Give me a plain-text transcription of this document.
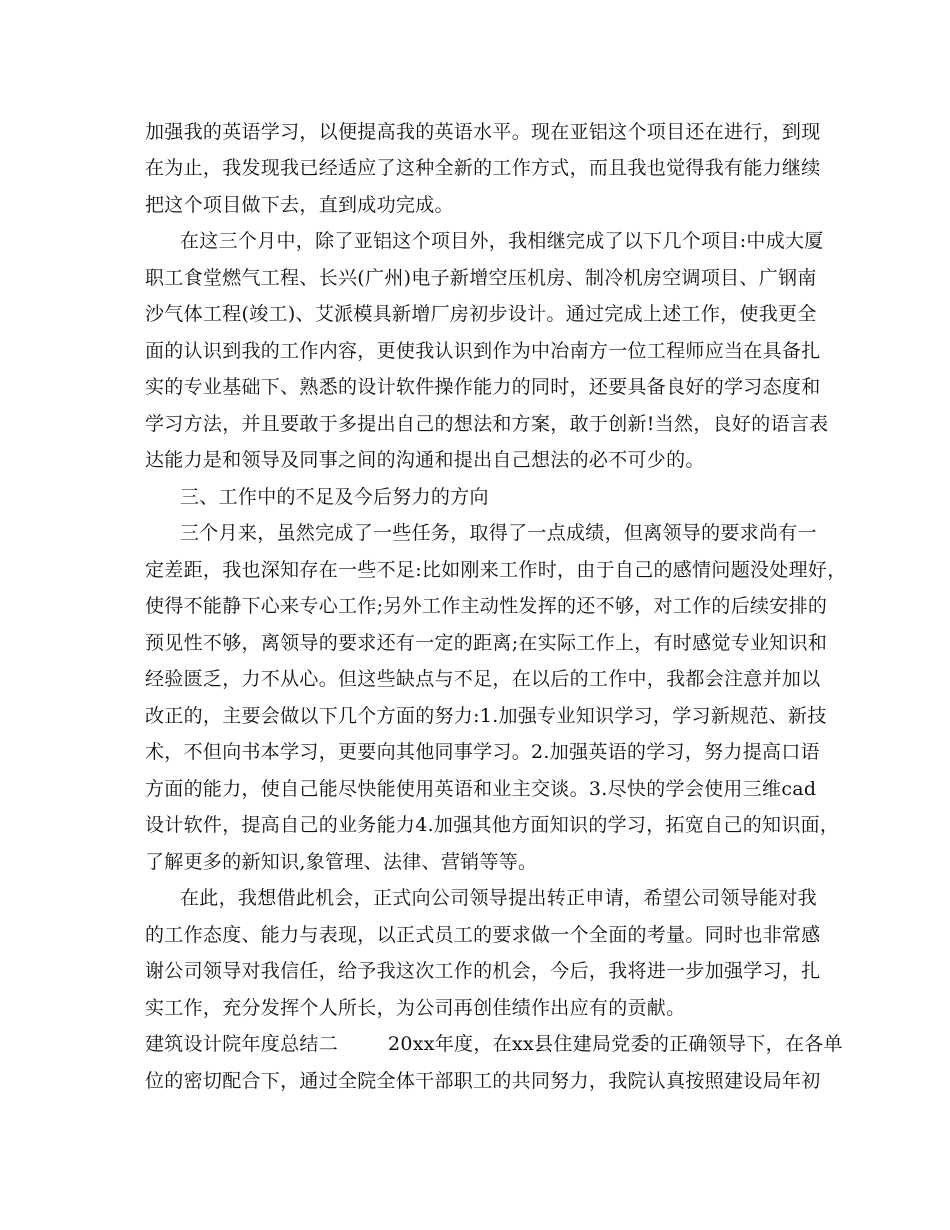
加强我的英语学习，以便提高我的英语水平。现在亚铝这个项目还在进行，到现
在为止，我发现我已经适应了这种全新的工作方式，而且我也觉得我有能力继续
把这个项目做下去，直到成功完成。
在这三个月中，除了亚铝这个项目外，我相继完成了以下几个项目:中成大厦
职工食堂燃气工程、长兴(广州)电子新增空压机房、制冷机房空调项目、广钢南
沙气体工程(竣工)、艾派模具新增厂房初步设计。通过完成上述工作，使我更全
面的认识到我的工作内容，更使我认识到作为中冶南方一位工程师应当在具备扎
实的专业基础下、熟悉的设计软件操作能力的同时，还要具备良好的学习态度和
学习方法，并且要敢于多提出自己的想法和方案，敢于创新!当然，良好的语言表
达能力是和领导及同事之间的沟通和提出自己想法的必不可少的。
三、工作中的不足及今后努力的方向
三个月来，虽然完成了一些任务，取得了一点成绩，但离领导的要求尚有一
定差距，我也深知存在一些不足:比如刚来工作时，由于自己的感情问题没处理好，
使得不能静下心来专心工作;另外工作主动性发挥的还不够，对工作的后续安排的
预见性不够，离领导的要求还有一定的距离;在实际工作上，有时感觉专业知识和
经验匮乏，力不从心。但这些缺点与不足，在以后的工作中，我都会注意并加以
改正的，主要会做以下几个方面的努力:1.加强专业知识学习，学习新规范、新技
术，不但向书本学习，更要向其他同事学习。2.加强英语的学习，努力提高口语
方面的能力，使自己能尽快能使用英语和业主交谈。3.尽快的学会使用三维cad
设计软件，提高自己的业务能力4.加强其他方面知识的学习，拓宽自己的知识面，
了解更多的新知识,象管理、法律、营销等等。
在此，我想借此机会，正式向公司领导提出转正申请，希望公司领导能对我
的工作态度、能力与表现，以正式员工的要求做一个全面的考量。同时也非常感
谢公司领导对我信任，给予我这次工作的机会，今后，我将进一步加强学习，扎
实工作，充分发挥个人所长，为公司再创佳绩作出应有的贡献。
建筑设计院年度总结二	20xx年度，在xx县住建局党委的正确领导下，在各单
位的密切配合下，通过全院全体干部职工的共同努力，我院认真按照建设局年初
